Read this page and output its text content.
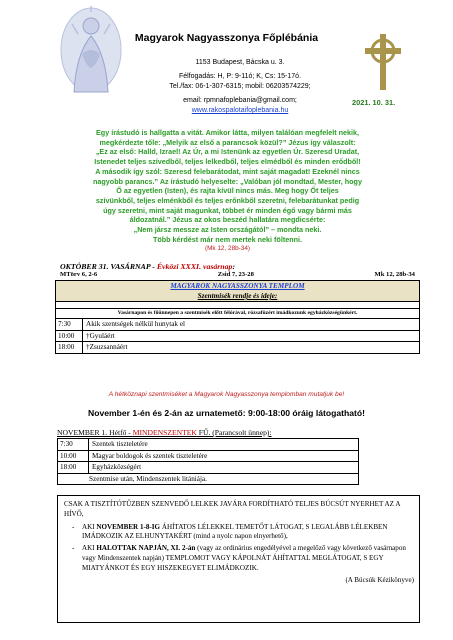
Magyarok Nagyasszonya Főplébánia
1153 Budapest, Bácska u. 3.
Félfogadás: H, P: 9-11ó; K, Cs: 15-17ó.
Tel./fax: 06-1-307-6315; mobil: 06203574229;
email: rpmnafoplebania@gmail.com;
www.rakospalotaifoplebania.hu
2021. 10. 31.
Egy írástudó is hallgatta a vitát. Amikor látta, milyen találóan megfelelt nekik,
megkérdezte tőle: „Melyik az első a parancsok közül?” Jézus így válaszolt:
„Ez az első: Halld, Izrael! Az Úr, a mi Istenünk az egyetlen Úr. Szeresd Uradat,
Istenedet teljes szívedből, teljes lelkedből, teljes elmédből és minden erődből!
A második így szól: Szeresd felebarátodat, mint saját magadat! Ezeknél nincs
nagyobb parancs.” Az írástudó helyeselte: „Valóban jól mondtad, Mester, hogy
Ő az egyetlen (Isten), és rajta kívül nincs más. Meg hogy Őt teljes
szívünkből, teljes elménkből és teljes erőnkből szeretni, felebarátunkat pedig
úgy szeretni, mint saját magunkat, többet ér minden égő vagy bármi más
áldozatnál.” Jézus az okos beszéd hallatára megdicsérte:
„Nem jársz messze az Isten országától” – mondta neki.
Több kérdést már nem mertek neki föltenni.
(Mk 12, 28b-34)
OKTÓBER 31. VASÁRNAP - Évközi XXXI. vasárnap:
MTörv 6, 2-6	Zsid 7, 23-28	Mk 12, 28b-34
MAGYAROK NAGYASSZONYA TEMPLOM
Szentmisék rendje és ideje:
Vasárnapon és főünnepen a szentmisék előtt félórával, rózsafüzért imádkozunk egyházközségünkért.
7:30	Akik szentségek nélkül hunytak el
10:00	†Gyuláért
18:00	†Zsuzsannáért
A hétköznapi szentmiséket a Magyarok Nagyasszonya templomban mutatjuk be!
November 1-én és 2-án az urnatemető: 9:00-18:00 óráig látogatható!
NOVEMBER 1. Hétfő - MINDENSZENTEK FŰ. (Parancsolt ünnep):
7:30	Szentek tiszteletére
10:00	Magyar boldogok és szentek tiszteletére
18:00	Egyházközségért
Szentmise után, Mindenszentek litániája.
CSAK A TISZTÍTÓTŰZBEN SZENVEDŐ LELKEK JAVÁRA FORDÍTHATÓ TELJES BÚCSÚT NYERHET AZ A HÍVŐ,
- AKI NOVEMBER 1-8-IG ÁHÍTATOS LÉLEKKEL TEMETŐT LÁTOGAT, S LEGALÁBB LÉLEKBEN IMÁDKOZIK AZ ELHUNYTAKÉRT (mind a nyolc napon elnyerhető),
- AKI HALOTTAK NAPJÁN, XI. 2-án (vagy az ordinárius engedélyével a megelőző vagy következő vasárnapon vagy Mindenszentek napján) TEMPLOMOT VAGY KÁPOLNÁT ÁHÍTATTAL MEGLÁTOGAT, S EGY MIATYÁNKOT ÉS EGY HISZEKEGYET ELIMÁDKOZIK.
(A Búcsúk Kézikönyve)
